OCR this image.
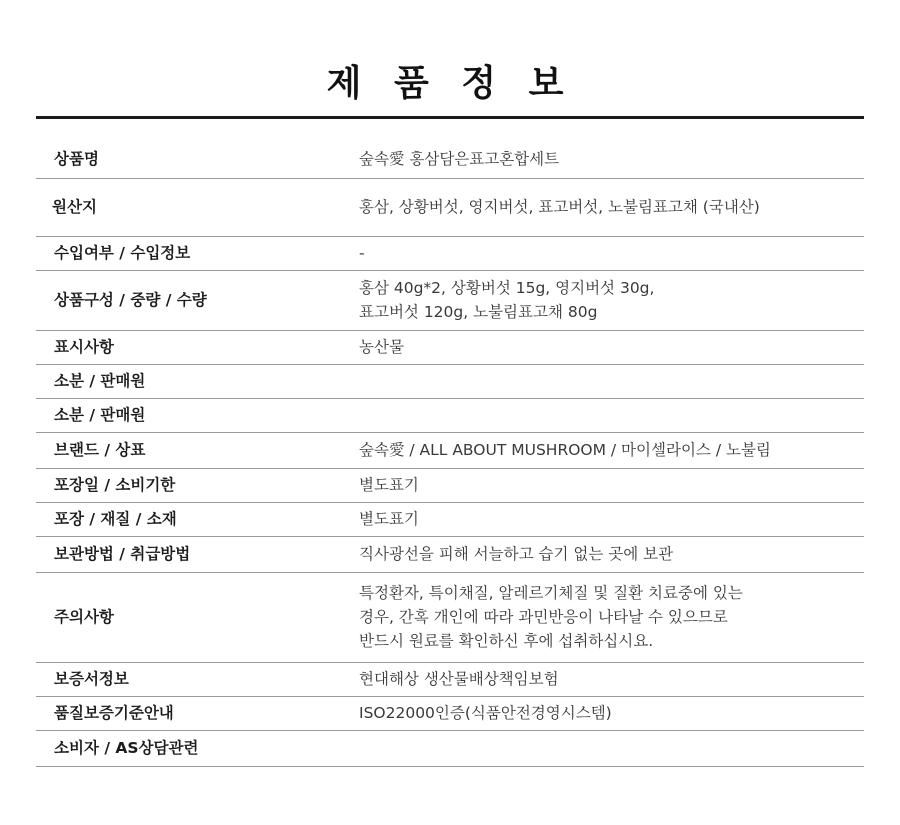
제 품 정 보
상품명	숲속愛 홍삼담은표고혼합세트

원산지	홍삼, 상황버섯, 영지버섯, 표고버섯, 노불림표고채 (국내산)

수입여부 / 수입정보	-

상품구성 / 중량 / 수량	홍삼 40g*2, 상황버섯 15g, 영지버섯 30g,
표고버섯 120g, 노불림표고채 80g

표시사항	농산물

소분 / 판매원	
소분 / 판매원	
브랜드 / 상표	숲속愛 / ALL ABOUT MUSHROOM / 마이셀라이스 / 노불림

포장일 / 소비기한	별도표기

포장 / 재질 / 소재	별도표기

보관방법 / 취급방법	직사광선을 피해 서늘하고 습기 없는 곳에 보관

주의사항	특정환자, 특이채질, 알레르기체질 및 질환 치료중에 있는
경우, 간혹 개인에 따라 과민반응이 나타날 수 있으므로
반드시 원료를 확인하신 후에 섭취하십시요.

보증서정보	현대해상 생산물배상책임보험

품질보증기준안내	ISO22000인증(식품안전경영시스템)

소비자 / AS상담관련	
